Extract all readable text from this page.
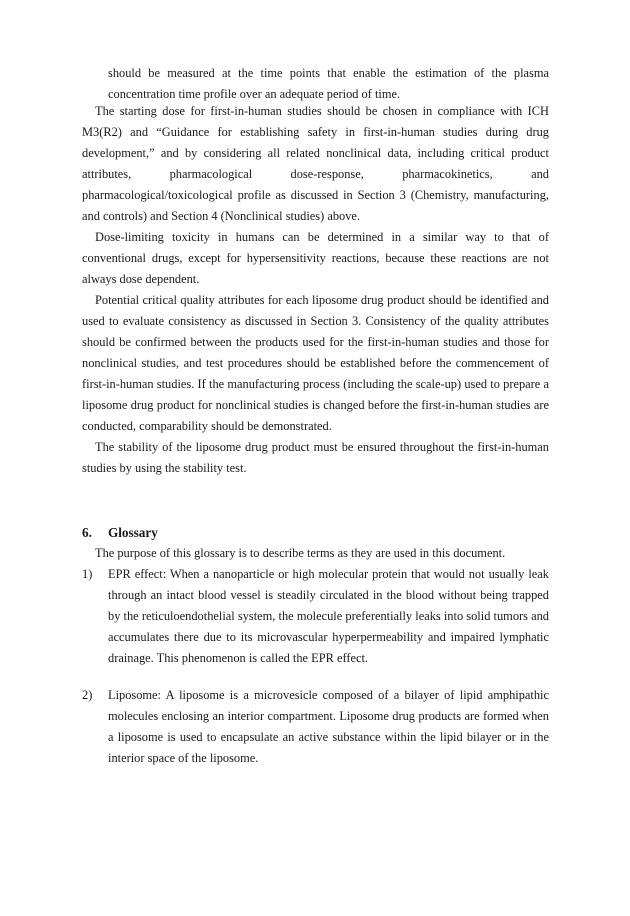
should be measured at the time points that enable the estimation of the plasma concentration time profile over an adequate period of time.

The starting dose for first-in-human studies should be chosen in compliance with ICH M3(R2) and “Guidance for establishing safety in first-in-human studies during drug development,” and by considering all related nonclinical data, including critical product attributes, pharmacological dose-response, pharmacokinetics, and pharmacological/toxicological profile as discussed in Section 3 (Chemistry, manufacturing, and controls) and Section 4 (Nonclinical studies) above.

Dose-limiting toxicity in humans can be determined in a similar way to that of conventional drugs, except for hypersensitivity reactions, because these reactions are not always dose dependent.

Potential critical quality attributes for each liposome drug product should be identified and used to evaluate consistency as discussed in Section 3. Consistency of the quality attributes should be confirmed between the products used for the first-in-human studies and those for nonclinical studies, and test procedures should be established before the commencement of first-in-human studies. If the manufacturing process (including the scale-up) used to prepare a liposome drug product for nonclinical studies is changed before the first-in-human studies are conducted, comparability should be demonstrated.

The stability of the liposome drug product must be ensured throughout the first-in-human studies by using the stability test.

6. Glossary
The purpose of this glossary is to describe terms as they are used in this document.
1)	EPR effect: When a nanoparticle or high molecular protein that would not usually leak through an intact blood vessel is steadily circulated in the blood without being trapped by the reticuloendothelial system, the molecule preferentially leaks into solid tumors and accumulates there due to its microvascular hyperpermeability and impaired lymphatic drainage. This phenomenon is called the EPR effect.
2)	Liposome: A liposome is a microvesicle composed of a bilayer of lipid amphipathic molecules enclosing an interior compartment. Liposome drug products are formed when a liposome is used to encapsulate an active substance within the lipid bilayer or in the interior space of the liposome.
